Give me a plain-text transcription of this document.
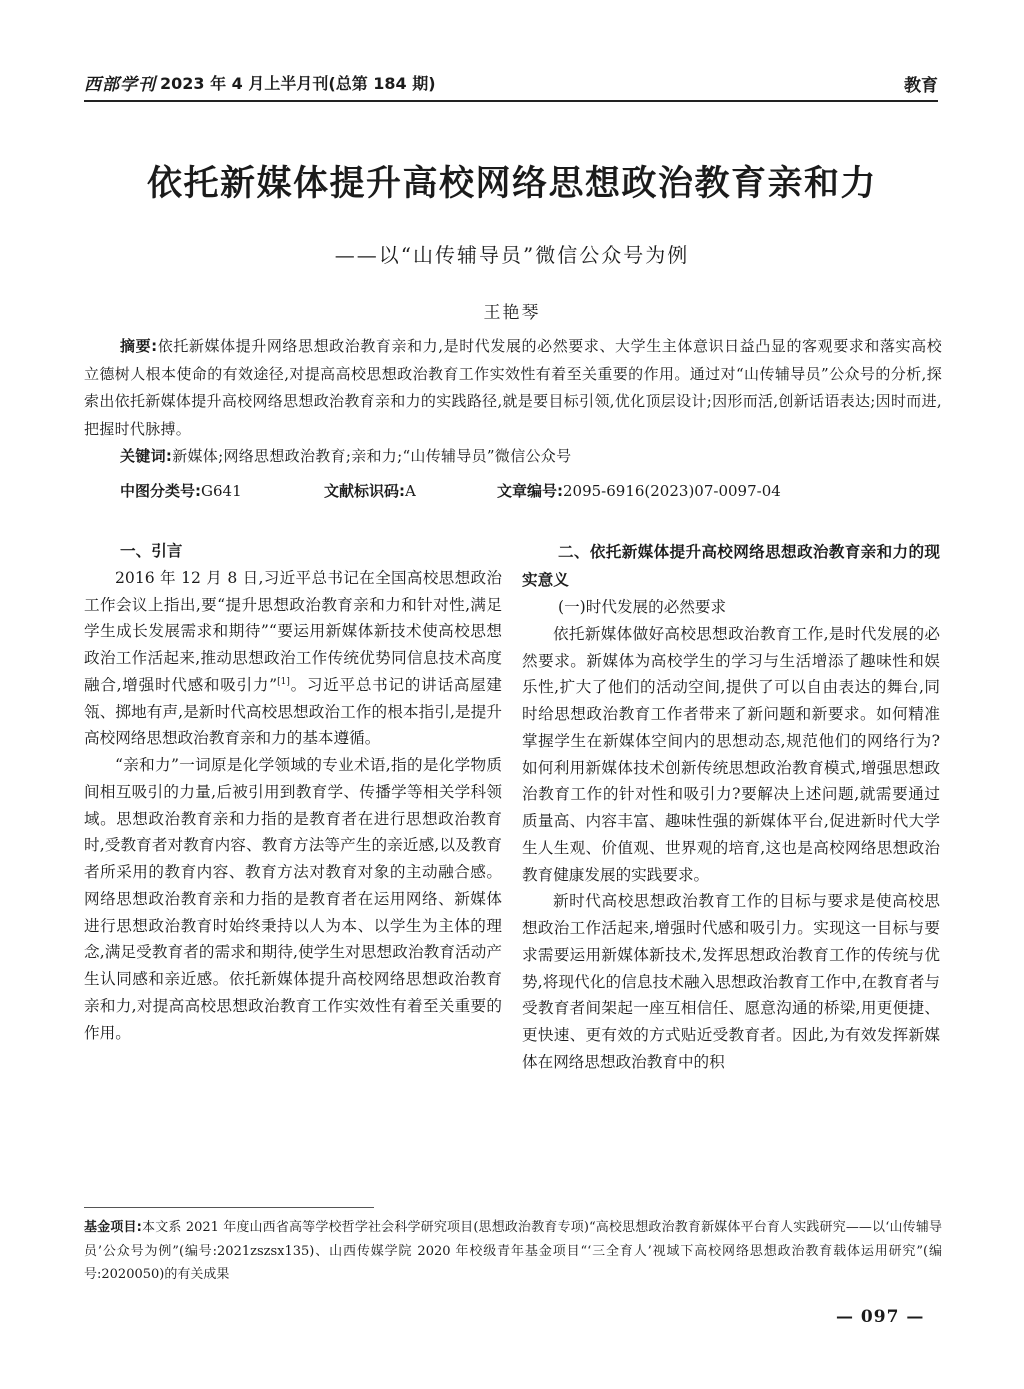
西部学刊 2023 年 4 月上半月刊(总第 184 期)	教育
依托新媒体提升高校网络思想政治教育亲和力
——以“山传辅导员”微信公众号为例
王艳琴

摘要:依托新媒体提升网络思想政治教育亲和力,是时代发展的必然要求、大学生主体意识日益凸显的客观要求和落实高校立德树人根本使命的有效途径,对提高高校思想政治教育工作实效性有着至关重要的作用。通过对“山传辅导员”公众号的分析,探索出依托新媒体提升高校网络思想政治教育亲和力的实践路径,就是要目标引领,优化顶层设计;因形而活,创新话语表达;因时而进,把握时代脉搏。

关键词:新媒体;网络思想政治教育;亲和力;“山传辅导员”微信公众号

中图分类号:G641	文献标识码:A	文章编号:2095-6916(2023)07-0097-04

一、引言

2016 年 12 月 8 日,习近平总书记在全国高校思想政治工作会议上指出,要“提升思想政治教育亲和力和针对性,满足学生成长发展需求和期待”“要运用新媒体新技术使高校思想政治工作活起来,推动思想政治工作传统优势同信息技术高度融合,增强时代感和吸引力”[1]。习近平总书记的讲话高屋建瓴、掷地有声,是新时代高校思想政治工作的根本指引,是提升高校网络思想政治教育亲和力的基本遵循。

“亲和力”一词原是化学领域的专业术语,指的是化学物质间相互吸引的力量,后被引用到教育学、传播学等相关学科领域。思想政治教育亲和力指的是教育者在进行思想政治教育时,受教育者对教育内容、教育方法等产生的亲近感,以及教育者所采用的教育内容、教育方法对教育对象的主动融合感。网络思想政治教育亲和力指的是教育者在运用网络、新媒体进行思想政治教育时始终秉持以人为本、以学生为主体的理念,满足受教育者的需求和期待,使学生对思想政治教育活动产生认同感和亲近感。依托新媒体提升高校网络思想政治教育亲和力,对提高高校思想政治教育工作实效性有着至关重要的作用。

二、依托新媒体提升高校网络思想政治教育亲和力的现实意义

(一)时代发展的必然要求

依托新媒体做好高校思想政治教育工作,是时代发展的必然要求。新媒体为高校学生的学习与生活增添了趣味性和娱乐性,扩大了他们的活动空间,提供了可以自由表达的舞台,同时给思想政治教育工作者带来了新问题和新要求。如何精准掌握学生在新媒体空间内的思想动态,规范他们的网络行为?如何利用新媒体技术创新传统思想政治教育模式,增强思想政治教育工作的针对性和吸引力?要解决上述问题,就需要通过质量高、内容丰富、趣味性强的新媒体平台,促进新时代大学生人生观、价值观、世界观的培育,这也是高校网络思想政治教育健康发展的实践要求。

新时代高校思想政治教育工作的目标与要求是使高校思想政治工作活起来,增强时代感和吸引力。实现这一目标与要求需要运用新媒体新技术,发挥思想政治教育工作的传统与优势,将现代化的信息技术融入思想政治教育工作中,在教育者与受教育者间架起一座互相信任、愿意沟通的桥梁,用更便捷、更快速、更有效的方式贴近受教育者。因此,为有效发挥新媒体在网络思想政治教育中的积

基金项目:本文系 2021 年度山西省高等学校哲学社会科学研究项目(思想政治教育专项)“高校思想政治教育新媒体平台育人实践研究——以‘山传辅导员’公众号为例”(编号:2021zszsx135)、山西传媒学院 2020 年校级青年基金项目“‘三全育人’视域下高校网络思想政治教育载体运用研究”(编号:2020050)的有关成果
— 097 —
